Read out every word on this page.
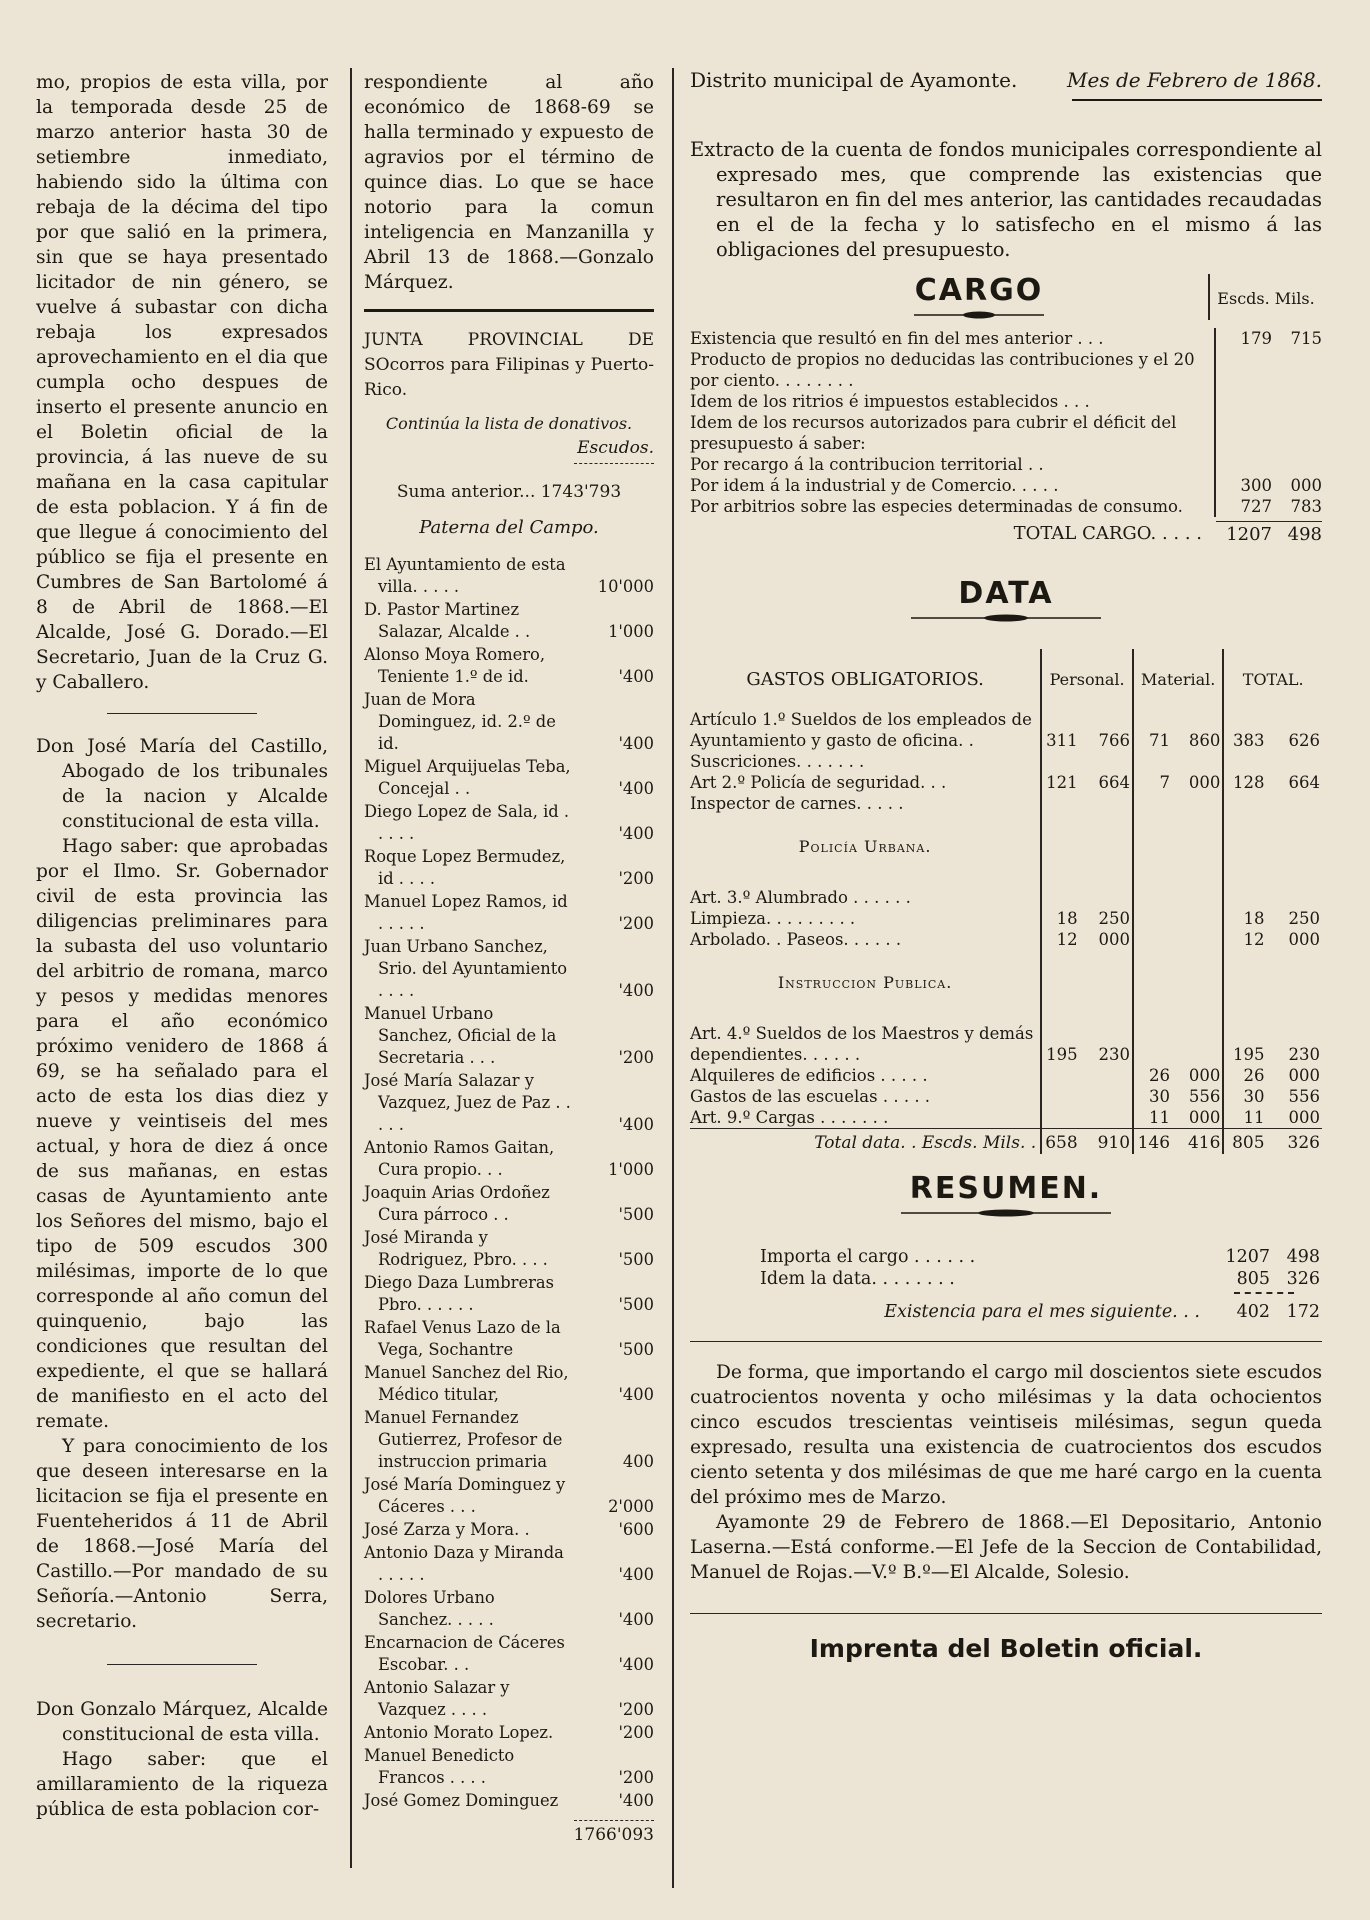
mo, propios de esta villa, por la temporada desde 25 de marzo anterior hasta 30 de setiembre inmediato, habiendo sido la última con rebaja de la décima del tipo por que salió en la primera, sin que se haya presentado licitador de nin género, se vuelve á subastar con dicha rebaja los expresados aprovechamiento en el dia que cumpla ocho despues de inserto el presente anuncio en el Boletin oficial de la provincia, á las nueve de su mañana en la casa capitular de esta poblacion. Y á fin de que llegue á conocimiento del público se fija el presente en Cumbres de San Bartolomé á 8 de Abril de 1868.—El Alcalde, José G. Dorado.—El Secretario, Juan de la Cruz G. y Caballero.

Don José María del Castillo, Abogado de los tribunales de la nacion y Alcalde constitucional de esta villa.

Hago saber: que aprobadas por el Ilmo. Sr. Gobernador civil de esta provincia las diligencias preliminares para la subasta del uso voluntario del arbitrio de romana, marco y pesos y medidas menores para el año económico próximo venidero de 1868 á 69, se ha señalado para el acto de esta los dias diez y nueve y veintiseis del mes actual, y hora de diez á once de sus mañanas, en estas casas de Ayuntamiento ante los Señores del mismo, bajo el tipo de 509 escudos 300 milésimas, importe de lo que corresponde al año comun del quinquenio, bajo las condiciones que resultan del expediente, el que se hallará de manifiesto en el acto del remate.

Y para conocimiento de los que deseen interesarse en la licitacion se fija el presente en Fuenteheridos á 11 de Abril de 1868.—José María del Castillo.—Por mandado de su Señoría.—Antonio Serra, secretario.

Don Gonzalo Márquez, Alcalde constitucional de esta villa.

Hago saber: que el amillaramiento de la riqueza pública de esta poblacion cor-

respondiente al año económico de 1868-69 se halla terminado y expuesto de agravios por el término de quince dias. Lo que se hace notorio para la comun inteligencia en Manzanilla y Abril 13 de 1868.—Gonzalo Márquez.

JUNTA PROVINCIAL DE SOcorros para Filipinas y Puerto-Rico.

Continúa la lista de donativos.

Escudos.

Suma anterior... 1743'793

Paterna del Campo.

El Ayuntamiento de esta villa. . . . .	10'000
D. Pastor Martinez Salazar, Alcalde . .	1'000
Alonso Moya Romero, Teniente 1.º de id.	'400
Juan de Mora Dominguez, id. 2.º de id.	'400
Miguel Arquijuelas Teba, Concejal . .	'400
Diego Lopez de Sala, id . . . . .	'400
Roque Lopez Bermudez, id . . . .	'200
Manuel Lopez Ramos, id . . . . .	'200
Juan Urbano Sanchez, Srio. del Ayuntamiento . . . .	'400
Manuel Urbano Sanchez, Oficial de la Secretaria . . .	'200
José María Salazar y Vazquez, Juez de Paz . . . . .	'400
Antonio Ramos Gaitan, Cura propio. . .	1'000
Joaquin Arias Ordoñez Cura párroco . .	'500
José Miranda y Rodriguez, Pbro. . . .	'500
Diego Daza Lumbreras Pbro. . . . . .	'500
Rafael Venus Lazo de la Vega, Sochantre	'500
Manuel Sanchez del Rio, Médico titular,	'400
Manuel Fernandez Gutierrez, Profesor de instruccion primaria	400
José María Dominguez y Cáceres . . .	2'000
José Zarza y Mora. .	'600
Antonio Daza y Miranda . . . . .	'400
Dolores Urbano Sanchez. . . . .	'400
Encarnacion de Cáceres Escobar. . .	'400
Antonio Salazar y Vazquez . . . .	'200
Antonio Morato Lopez.	'200
Manuel Benedicto Francos . . . .	'200
José Gomez Dominguez	'400

1766'093

Distrito municipal de Ayamonte. Mes de Febrero de 1868.

Extracto de la cuenta de fondos municipales correspondiente al expresado mes, que comprende las existencias que resultaron en fin del mes anterior, las cantidades recaudadas en el de la fecha y lo satisfecho en el mismo á las obligaciones del presupuesto.

CARGO	Escds. Mils.
Existencia que resultó en fin del mes anterior . . .	179	715
Producto de propios no deducidas las contribuciones y el 20 por ciento. . . . . . . .		
Idem de los ritrios é impuestos establecidos . . .		
Idem de los recursos autorizados para cubrir el déficit del presupuesto á saber:		
Por recargo á la contribucion territorial . .		
Por idem á la industrial y de Comercio. . . . .	300	000
Por arbitrios sobre las especies determinadas de consumo.	727	783
TOTAL CARGO. . . . .	1207 498
DATA
GASTOS OBLIGATORIOS.	Personal.		Material.		TOTAL.	
Artículo 1.º Sueldos de los empleados de Ayuntamiento y gasto de oficina. .	311	766	71	860	383	626
Suscriciones. . . . . . .						
Art 2.º Policía de seguridad. . .	121	664	7	000	128	664
Inspector de carnes. . . . .						
Policía Urbana.						
Art. 3.º Alumbrado . . . . . .						
Limpieza. . . . . . . . .	18	250			18	250
Arbolado. . Paseos. . . . . .	12	000			12	000
Instruccion Publica.						
Art. 4.º Sueldos de los Maestros y demás dependientes. . . . . .	195	230			195	230
Alquileres de edificios . . . . .			26	000	26	000
Gastos de las escuelas . . . . .			30	556	30	556
Art. 9.º Cargas . . . . . . .			11	000	11	000
Total data. . Escds. Mils. .	658	910	146	416	805	326
RESUMEN.
Importa el cargo . . . . . .	1207	498
Idem la data. . . . . . . .	805	326
Existencia para el mes siguiente. . .	402 172

De forma, que importando el cargo mil doscientos siete escudos cuatrocientos noventa y ocho milésimas y la data ochocientos cinco escudos trescientas veintiseis milésimas, segun queda expresado, resulta una existencia de cuatrocientos dos escudos ciento setenta y dos milésimas de que me haré cargo en la cuenta del próximo mes de Marzo.

Ayamonte 29 de Febrero de 1868.—El Depositario, Antonio Laserna.—Está conforme.—El Jefe de la Seccion de Contabilidad, Manuel de Rojas.—V.º B.º—El Alcalde, Solesio.

Imprenta del Boletin oficial.
